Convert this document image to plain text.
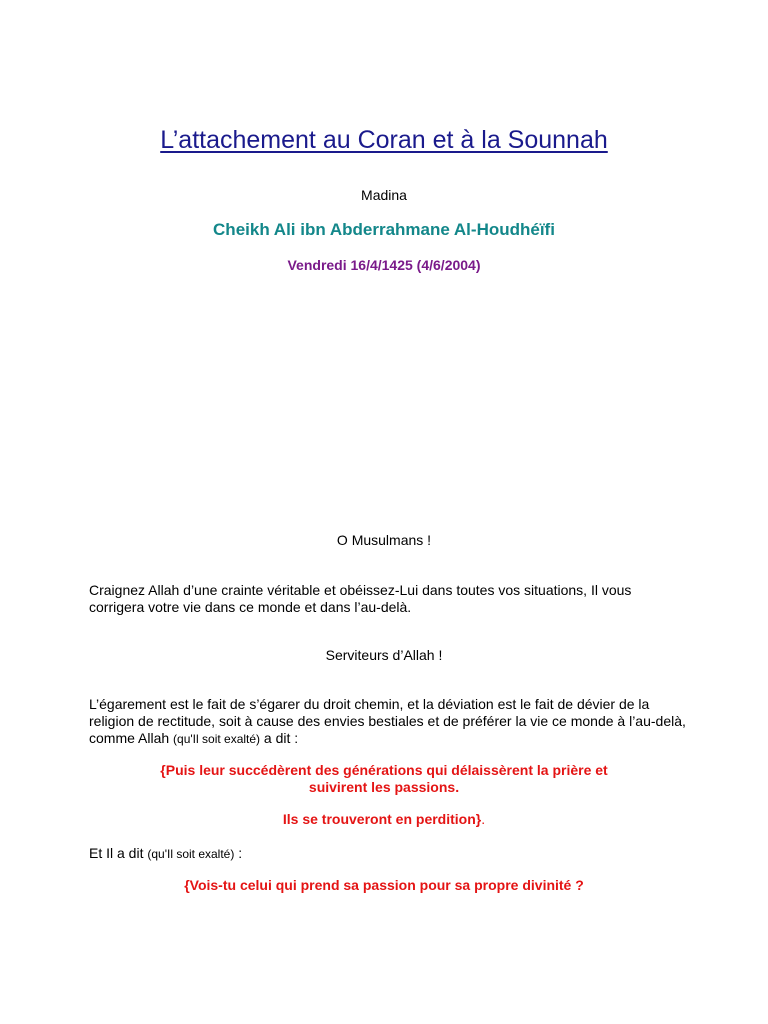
L’attachement au Coran et à la Sounnah
Madina
Cheikh Ali ibn Abderrahmane Al-Houdhéïfi
Vendredi 16/4/1425 (4/6/2004)
O Musulmans !
Craignez Allah d’une crainte véritable et obéissez-Lui dans toutes vos situations, Il vous corrigera votre vie dans ce monde et dans l’au-delà.
Serviteurs d’Allah !
L’égarement est le fait de s’égarer du droit chemin, et la déviation est le fait de dévier de la religion de rectitude, soit à cause des envies bestiales et de préférer la vie ce monde à l’au-delà, comme Allah (qu'Il soit exalté) a dit :
{Puis leur succédèrent des générations qui délaissèrent la prière et
suivirent les passions.
Ils se trouveront en perdition}.
Et Il a dit (qu'Il soit exalté) :
{Vois-tu celui qui prend sa passion pour sa propre divinité ?
